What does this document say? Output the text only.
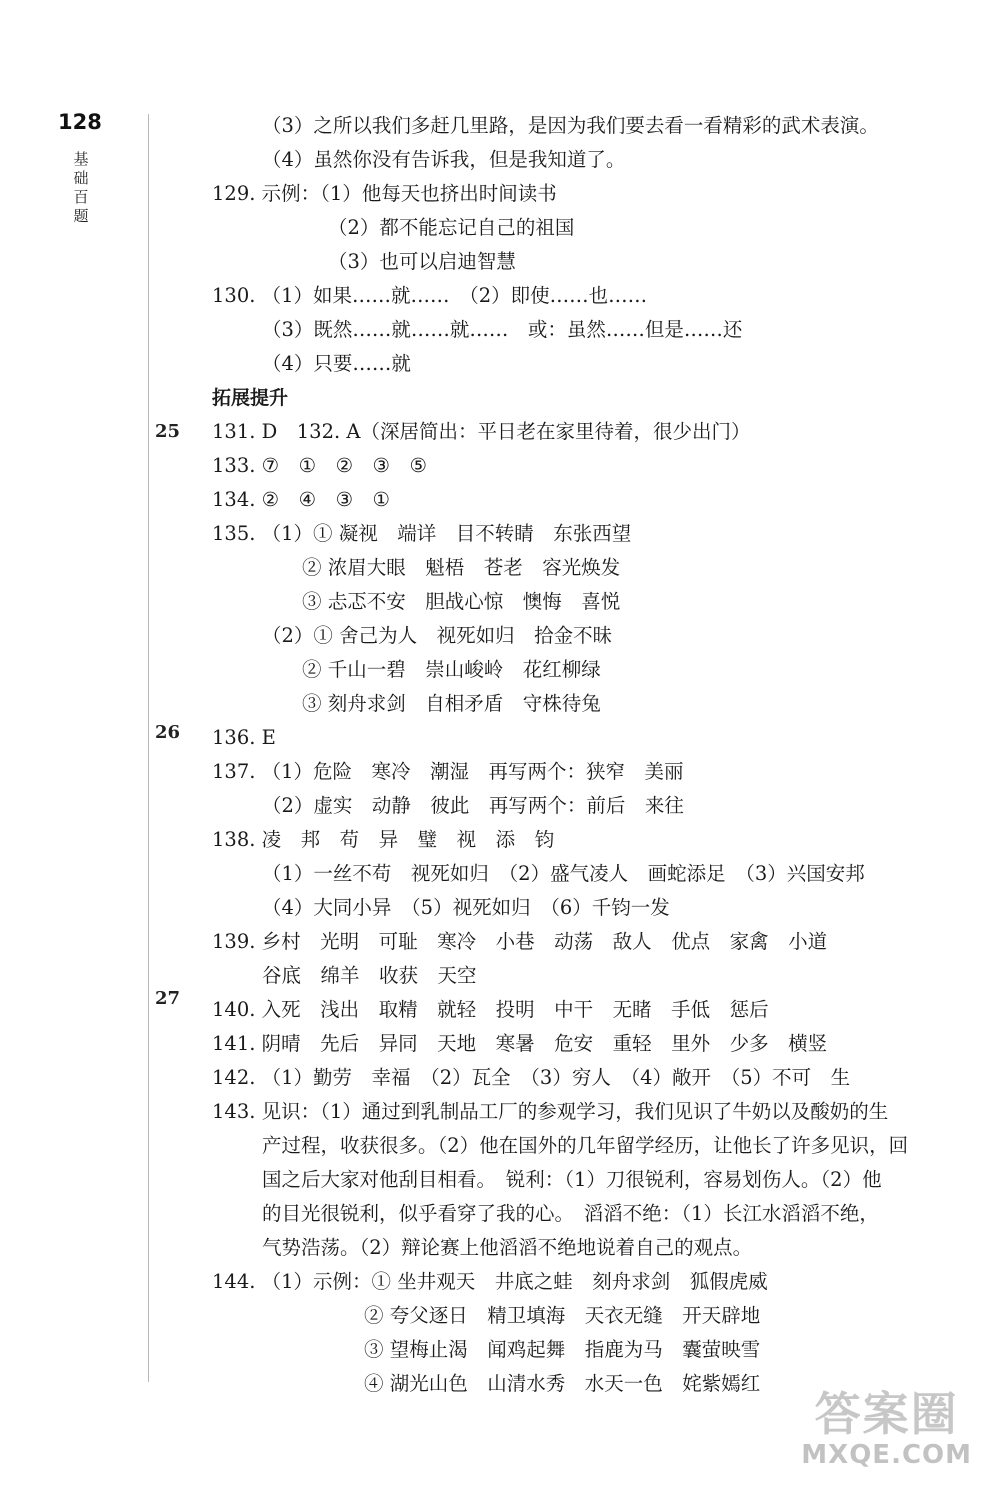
128
基础百题
25
26
27
（3）之所以我们多赶几里路，是因为我们要去看一看精彩的武术表演。
（4）虽然你没有告诉我，但是我知道了。
129. 示例：（1）他每天也挤出时间读书
（2）都不能忘记自己的祖国
（3）也可以启迪智慧
130. （1）如果……就……　（2）即使……也……
（3）既然……就……就……　或：虽然……但是……还
（4）只要……就
拓展提升
131. D　132. A（深居简出：平日老在家里待着，很少出门）
133. ⑦　①　②　③　⑤
134. ②　④　③　①
135. （1）① 凝视　端详　目不转睛　东张西望
② 浓眉大眼　魁梧　苍老　容光焕发
③ 忐忑不安　胆战心惊　懊悔　喜悦
（2）① 舍己为人　视死如归　拾金不昧
② 千山一碧　崇山峻岭　花红柳绿
③ 刻舟求剑　自相矛盾　守株待兔
136. E
137. （1）危险　寒冷　潮湿　再写两个：狭窄　美丽
（2）虚实　动静　彼此　再写两个：前后　来往
138. 凌　邦　苟　异　璧　视　添　钧
（1）一丝不苟　视死如归　（2）盛气凌人　画蛇添足　（3）兴国安邦
（4）大同小异　（5）视死如归　（6）千钧一发
139. 乡村　光明　可耻　寒冷　小巷　动荡　敌人　优点　家禽　小道
谷底　绵羊　收获　天空
140. 入死　浅出　取精　就轻　投明　中干　无睹　手低　惩后
141. 阴晴　先后　异同　天地　寒暑　危安　重轻　里外　少多　横竖
142. （1）勤劳　幸福　（2）瓦全　（3）穷人　（4）敞开　（5）不可　生
143. 见识：（1）通过到乳制品工厂的参观学习，我们见识了牛奶以及酸奶的生
产过程，收获很多。（2）他在国外的几年留学经历，让他长了许多见识，回
国之后大家对他刮目相看。　锐利：（1）刀很锐利，容易划伤人。（2）他
的目光很锐利，似乎看穿了我的心。　滔滔不绝：（1）长江水滔滔不绝，
气势浩荡。（2）辩论赛上他滔滔不绝地说着自己的观点。
144. （1）示例：① 坐井观天　井底之蛙　刻舟求剑　狐假虎威
② 夸父逐日　精卫填海　天衣无缝　开天辟地
③ 望梅止渴　闻鸡起舞　指鹿为马　囊萤映雪
④ 湖光山色　山清水秀　水天一色　姹紫嫣红
答案圈
MXQE.COM
